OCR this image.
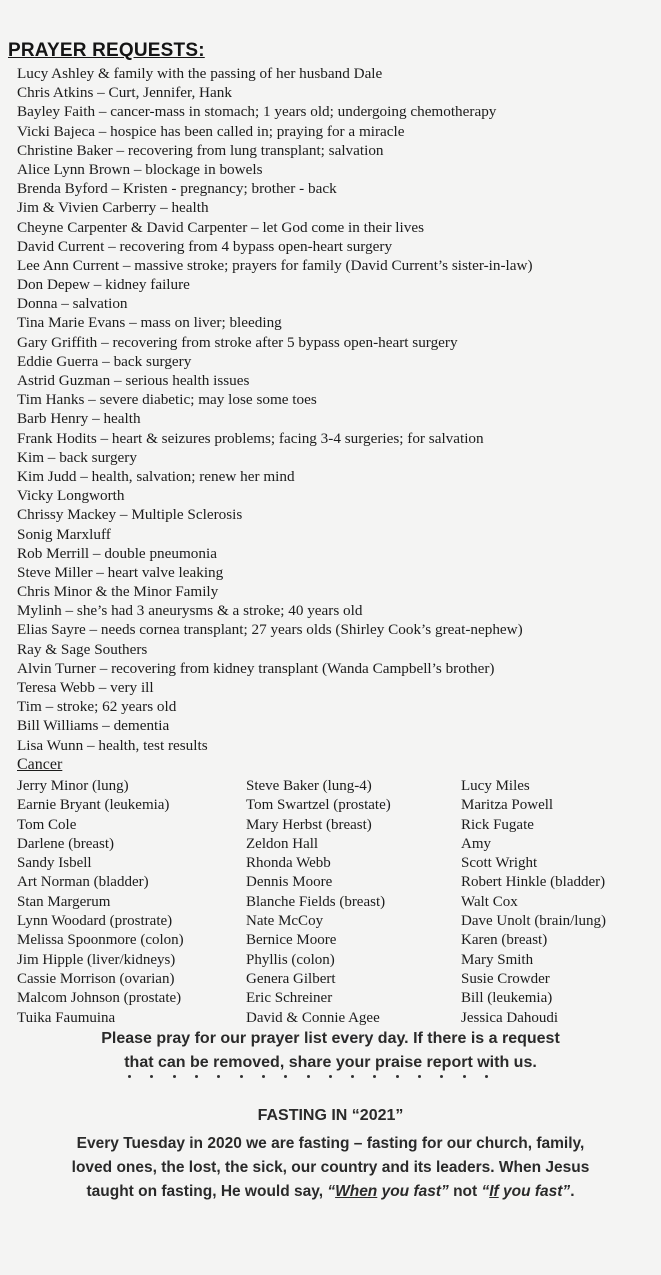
PRAYER REQUESTS:
Lucy Ashley & family with the passing of her husband Dale
Chris Atkins – Curt, Jennifer, Hank
Bayley Faith – cancer-mass in stomach; 1 years old; undergoing chemotherapy
Vicki Bajeca – hospice has been called in; praying for a miracle
Christine Baker – recovering from lung transplant; salvation
Alice Lynn Brown – blockage in bowels
Brenda Byford – Kristen - pregnancy; brother - back
Jim & Vivien Carberry – health
Cheyne Carpenter & David Carpenter – let God come in their lives
David Current – recovering from 4 bypass open-heart surgery
Lee Ann Current – massive stroke; prayers for family (David Current’s sister-in-law)
Don Depew – kidney failure
Donna – salvation
Tina Marie Evans – mass on liver; bleeding
Gary Griffith – recovering from stroke after 5 bypass open-heart surgery
Eddie Guerra – back surgery
Astrid Guzman – serious health issues
Tim Hanks – severe diabetic; may lose some toes
Barb Henry – health
Frank Hodits – heart & seizures problems; facing 3-4 surgeries; for salvation
Kim – back surgery
Kim Judd – health, salvation; renew her mind
Vicky Longworth
Chrissy Mackey – Multiple Sclerosis
Sonig Marxluff
Rob Merrill – double pneumonia
Steve Miller – heart valve leaking
Chris Minor & the Minor Family
Mylinh – she’s had 3 aneurysms & a stroke; 40 years old
Elias Sayre – needs cornea transplant; 27 years olds (Shirley Cook’s great-nephew)
Ray & Sage Southers
Alvin Turner – recovering from kidney transplant (Wanda Campbell’s brother)
Teresa Webb – very ill
Tim – stroke; 62 years old
Bill Williams – dementia
Lisa Wunn – health, test results
Cancer
Jerry Minor (lung)
Earnie Bryant (leukemia)
Tom Cole
Darlene (breast)
Sandy Isbell
Art Norman (bladder)
Stan Margerum
Lynn Woodard (prostrate)
Melissa Spoonmore (colon)
Jim Hipple (liver/kidneys)
Cassie Morrison (ovarian)
Malcom Johnson (prostate)
Tuika Faumuina
Steve Baker (lung-4)
Tom Swartzel (prostate)
Mary Herbst (breast)
Zeldon Hall
Rhonda Webb
Dennis Moore
Blanche Fields (breast)
Nate McCoy
Bernice Moore
Phyllis (colon)
Genera Gilbert
Eric Schreiner
David & Connie Agee
Lucy Miles
Maritza Powell
Rick Fugate
Amy
Scott Wright
Robert Hinkle (bladder)
Walt Cox
Dave Unolt (brain/lung)
Karen (breast)
Mary Smith
Susie Crowder
Bill (leukemia)
Jessica Dahoudi
Please pray for our prayer list every day. If there is a request
that can be removed, share your praise report with us.
FASTING IN “2021”
Every Tuesday in 2020 we are fasting – fasting for our church, family,
loved ones, the lost, the sick, our country and its leaders. When Jesus
taught on fasting, He would say, “When you fast” not “If you fast”.
